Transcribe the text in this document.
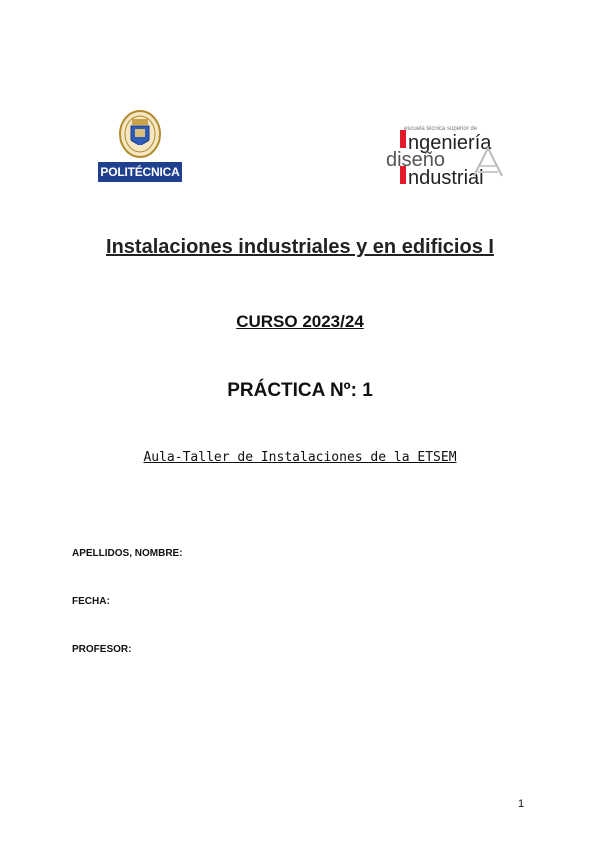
POLITÉCNICA
escuela técnica superior de
ngeniería
diseño
ndustrial
Instalaciones industriales y en edificios I
CURSO 2023/24
PRÁCTICA Nº: 1
Aula-Taller de Instalaciones de la ETSEM
APELLIDOS, NOMBRE:
FECHA:
PROFESOR:
1
